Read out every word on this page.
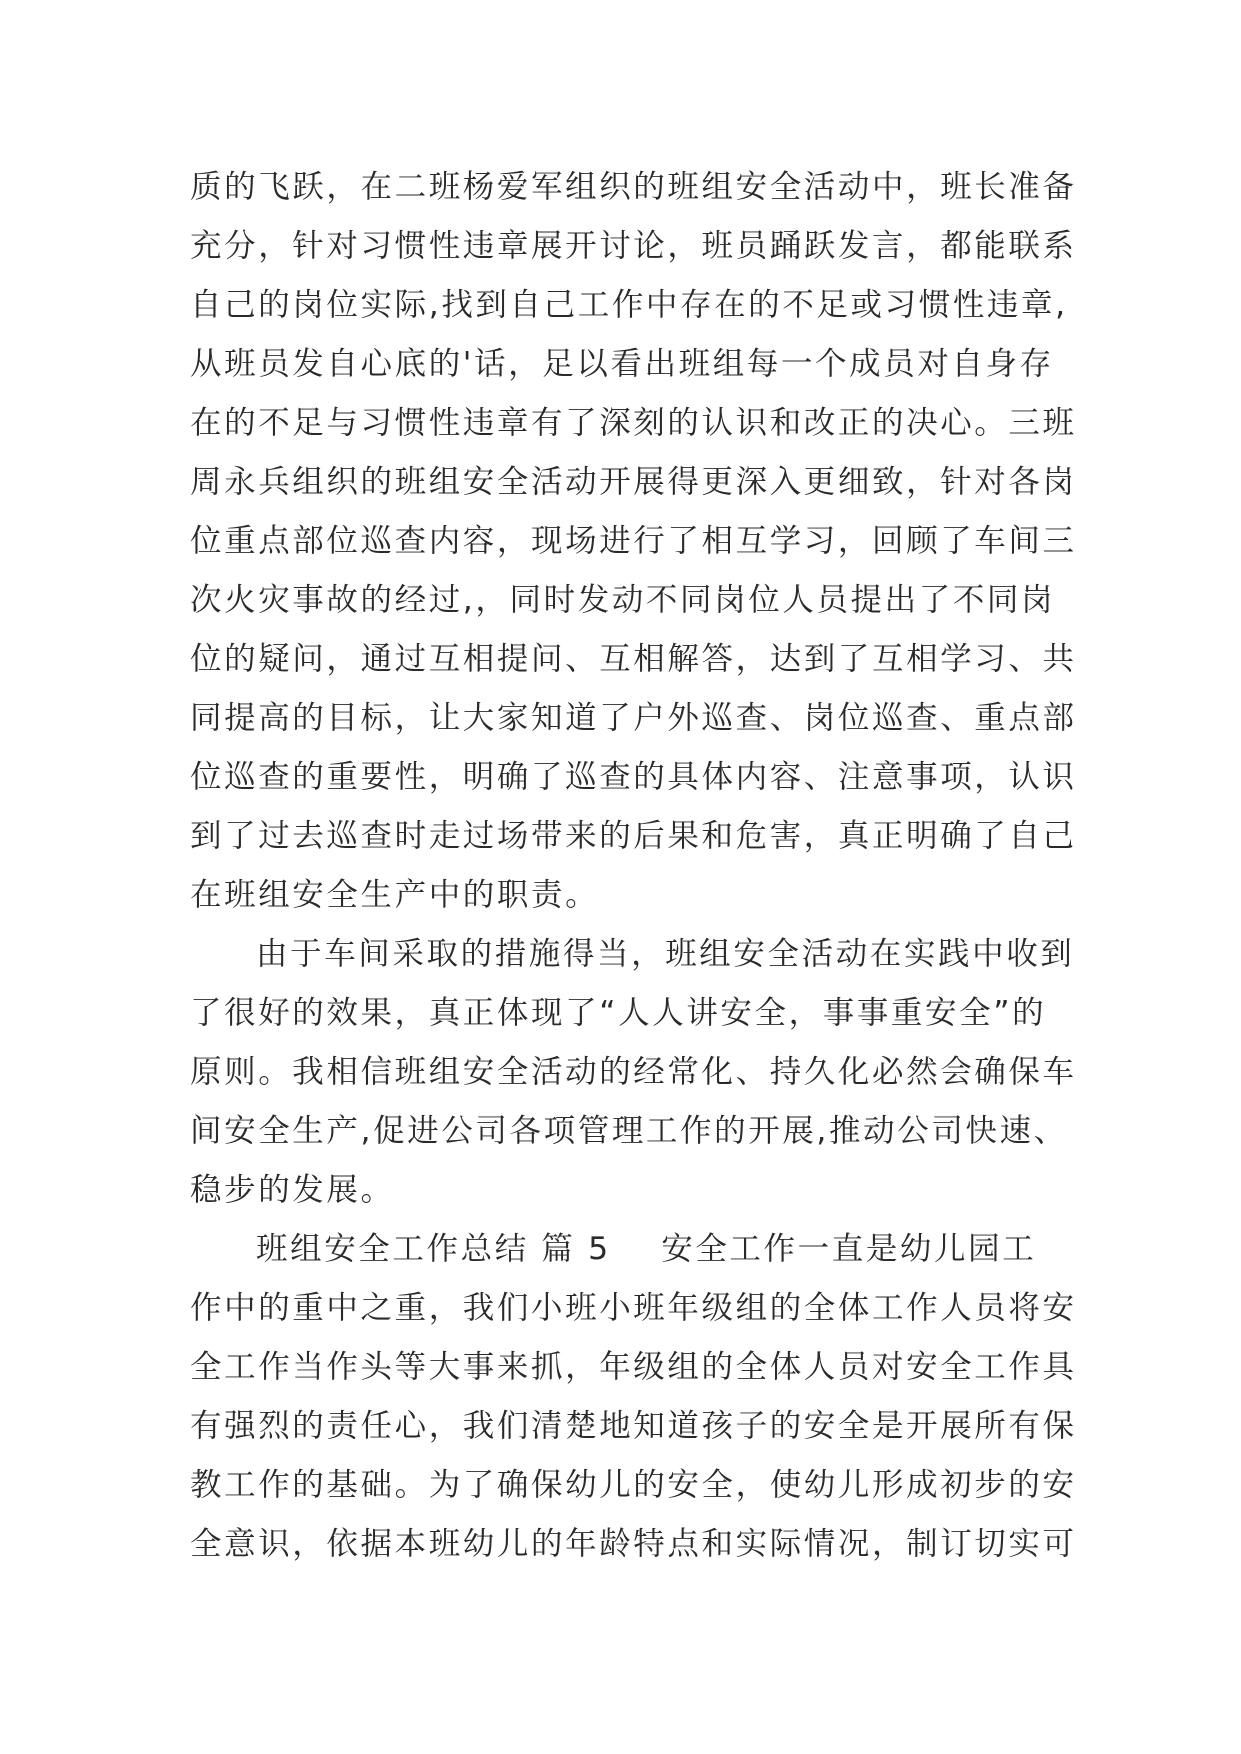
质的飞跃，在二班杨爱军组织的班组安全活动中，班长准备
充分，针对习惯性违章展开讨论，班员踊跃发言，都能联系
自己的岗位实际,找到自己工作中存在的不足或习惯性违章,
从班员发自心底的'话，足以看出班组每一个成员对自身存
在的不足与习惯性违章有了深刻的认识和改正的决心。三班
周永兵组织的班组安全活动开展得更深入更细致，针对各岗
位重点部位巡查内容，现场进行了相互学习，回顾了车间三
次火灾事故的经过,，同时发动不同岗位人员提出了不同岗
位的疑问，通过互相提问、互相解答，达到了互相学习、共
同提高的目标，让大家知道了户外巡查、岗位巡查、重点部
位巡查的重要性，明确了巡查的具体内容、注意事项，认识
到了过去巡查时走过场带来的后果和危害，真正明确了自己
在班组安全生产中的职责。
由于车间采取的措施得当，班组安全活动在实践中收到
了很好的效果，真正体现了“人人讲安全，事事重安全”的
原则。我相信班组安全活动的经常化、持久化必然会确保车
间安全生产,促进公司各项管理工作的开展,推动公司快速、
稳步的发展。
班组安全工作总结 篇 5    安全工作一直是幼儿园工
作中的重中之重，我们小班小班年级组的全体工作人员将安
全工作当作头等大事来抓，年级组的全体人员对安全工作具
有强烈的责任心，我们清楚地知道孩子的安全是开展所有保
教工作的基础。为了确保幼儿的安全，使幼儿形成初步的安
全意识，依据本班幼儿的年龄特点和实际情况，制订切实可
